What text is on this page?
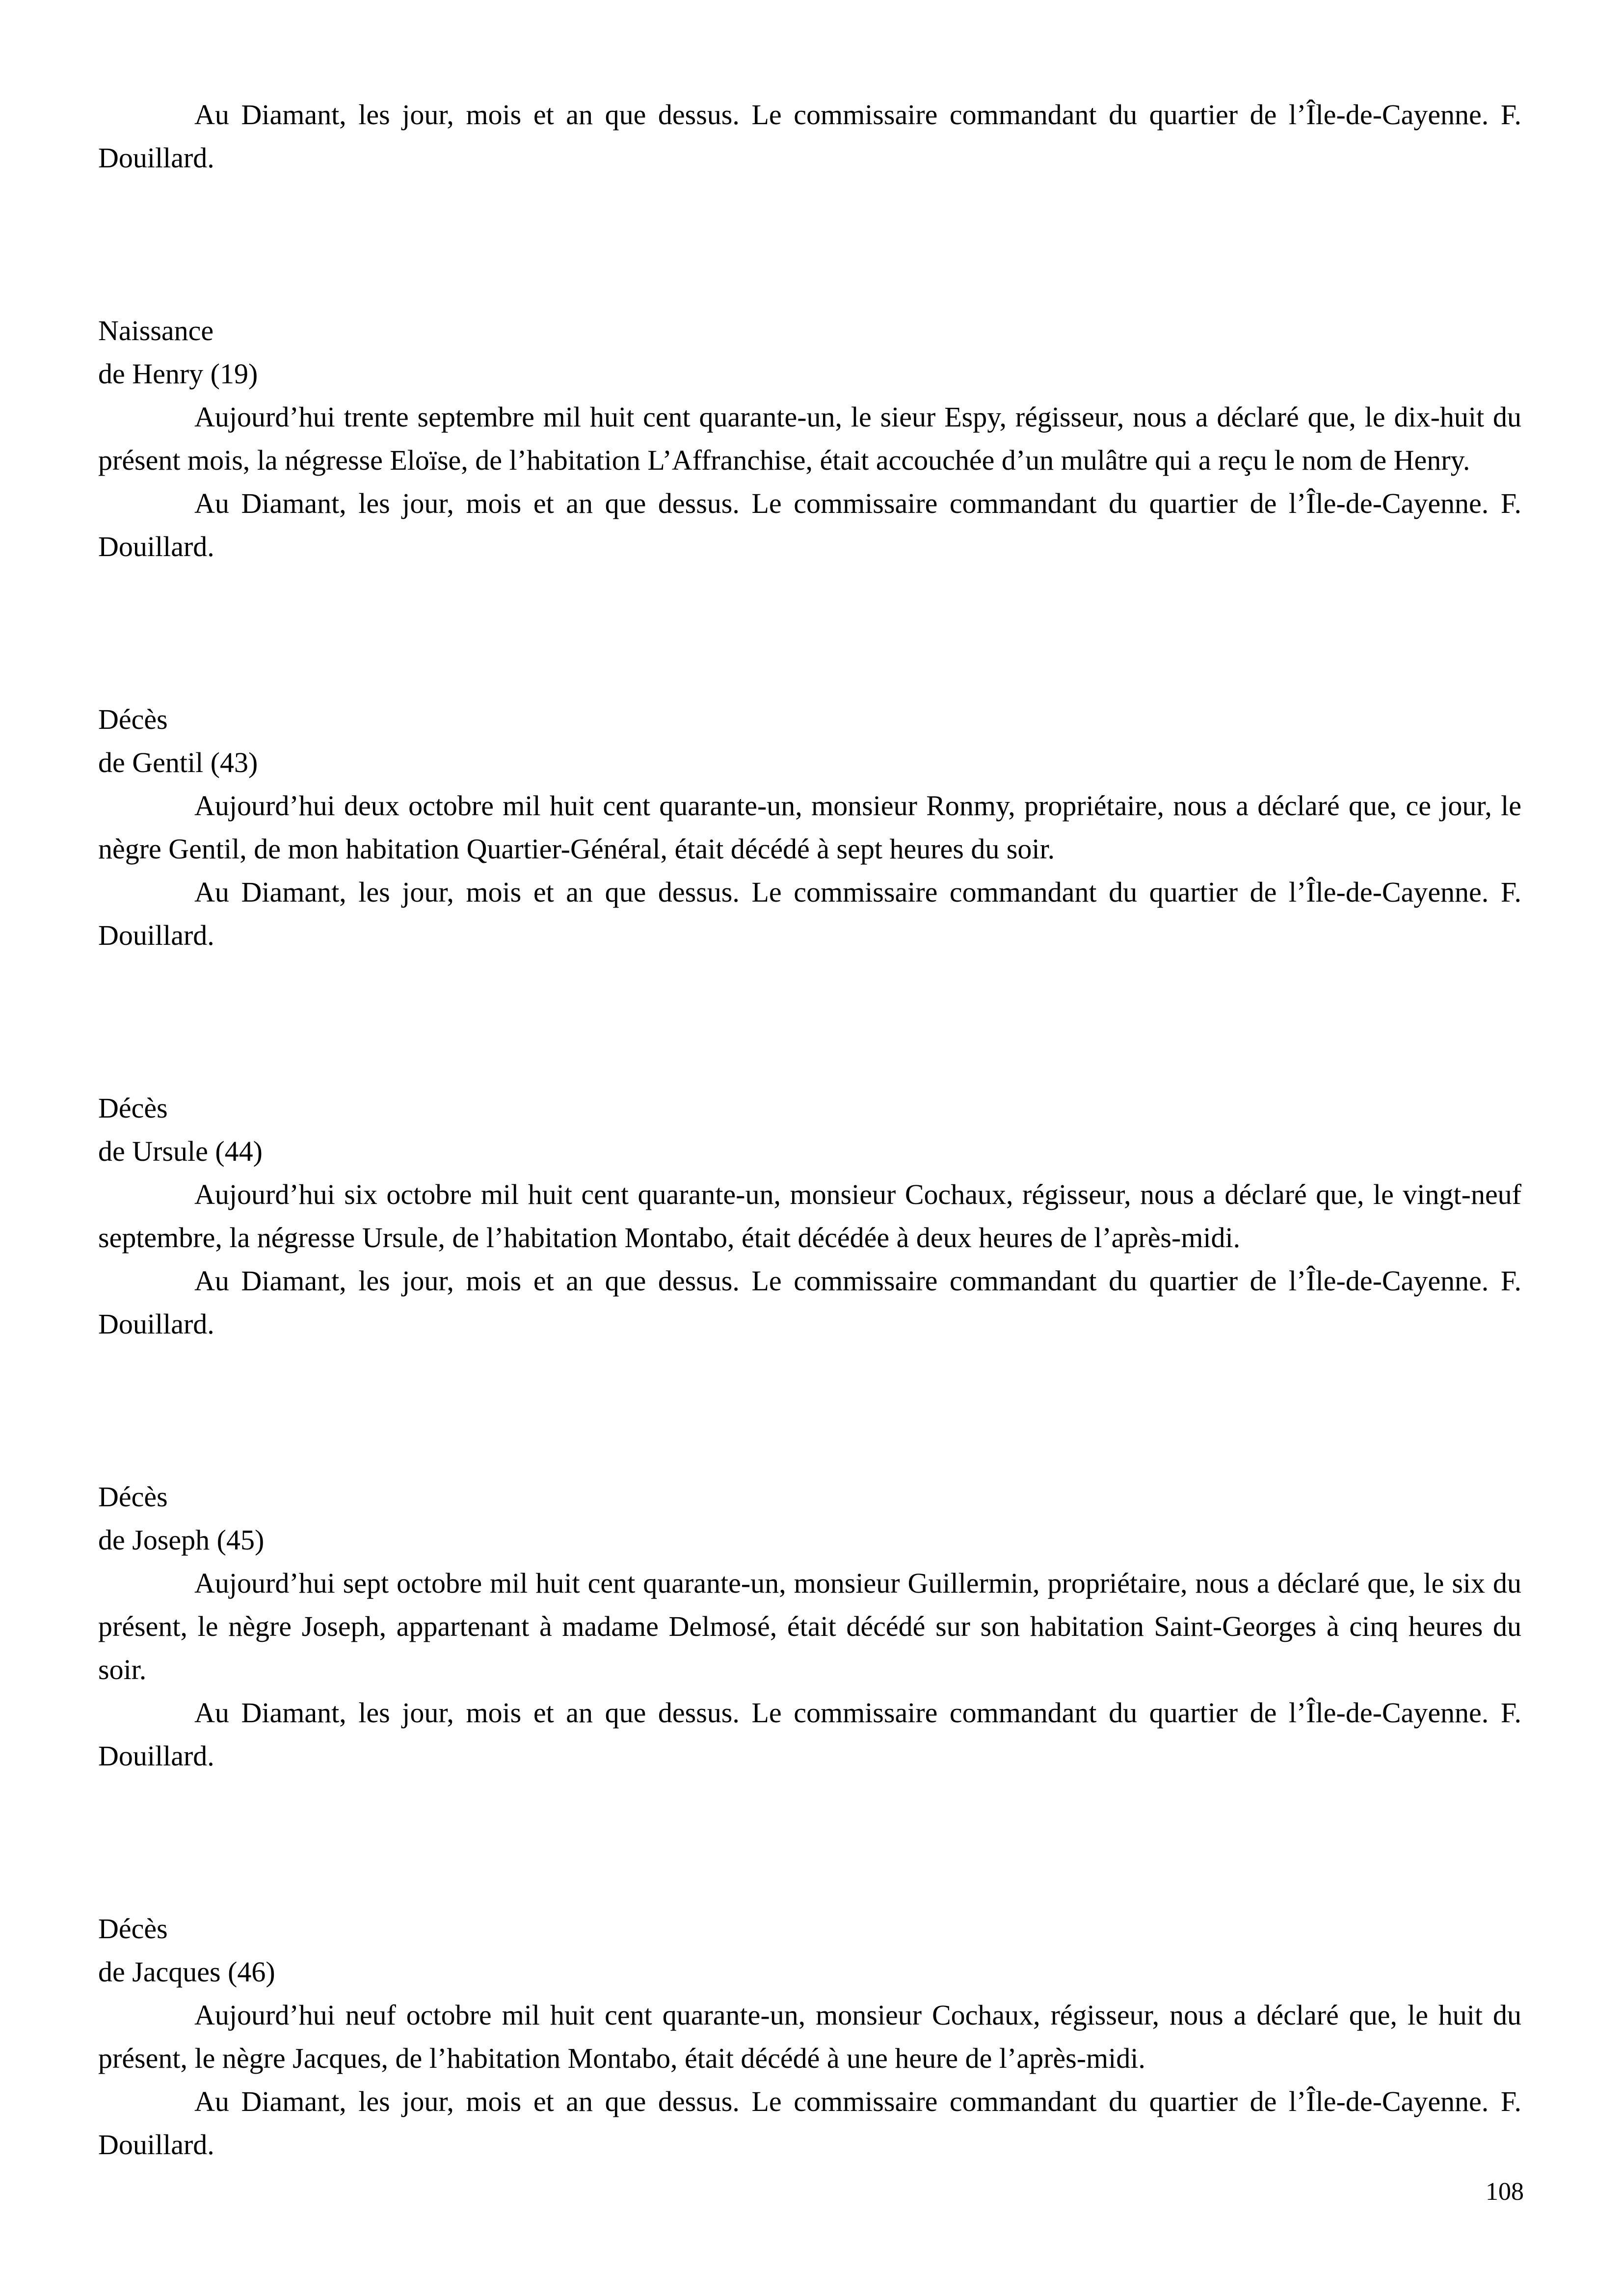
Au Diamant, les jour, mois et an que dessus. Le commissaire commandant du quartier de l’Île-de-Cayenne. F. Douillard.

Naissance

de Henry (19)

Aujourd’hui trente septembre mil huit cent quarante-un, le sieur Espy, régisseur, nous a déclaré que, le dix-huit du présent mois, la négresse Eloïse, de l’habitation L’Affranchise, était accouchée d’un mulâtre qui a reçu le nom de Henry.

Au Diamant, les jour, mois et an que dessus. Le commissaire commandant du quartier de l’Île-de-Cayenne. F. Douillard.

Décès

de Gentil (43)

Aujourd’hui deux octobre mil huit cent quarante-un, monsieur Ronmy, propriétaire, nous a déclaré que, ce jour, le nègre Gentil, de mon habitation Quartier-Général, était décédé à sept heures du soir.

Au Diamant, les jour, mois et an que dessus. Le commissaire commandant du quartier de l’Île-de-Cayenne. F. Douillard.

Décès

de Ursule (44)

Aujourd’hui six octobre mil huit cent quarante-un, monsieur Cochaux, régisseur, nous a déclaré que, le vingt-neuf septembre, la négresse Ursule, de l’habitation Montabo, était décédée à deux heures de l’après-midi.

Au Diamant, les jour, mois et an que dessus. Le commissaire commandant du quartier de l’Île-de-Cayenne. F. Douillard.

Décès

de Joseph (45)

Aujourd’hui sept octobre mil huit cent quarante-un, monsieur Guillermin, propriétaire, nous a déclaré que, le six du présent, le nègre Joseph, appartenant à madame Delmosé, était décédé sur son habitation Saint-Georges à cinq heures du soir.

Au Diamant, les jour, mois et an que dessus. Le commissaire commandant du quartier de l’Île-de-Cayenne. F. Douillard.

Décès

de Jacques (46)

Aujourd’hui neuf octobre mil huit cent quarante-un, monsieur Cochaux, régisseur, nous a déclaré que, le huit du présent, le nègre Jacques, de l’habitation Montabo, était décédé à une heure de l’après-midi.

Au Diamant, les jour, mois et an que dessus. Le commissaire commandant du quartier de l’Île-de-Cayenne. F. Douillard.

108
